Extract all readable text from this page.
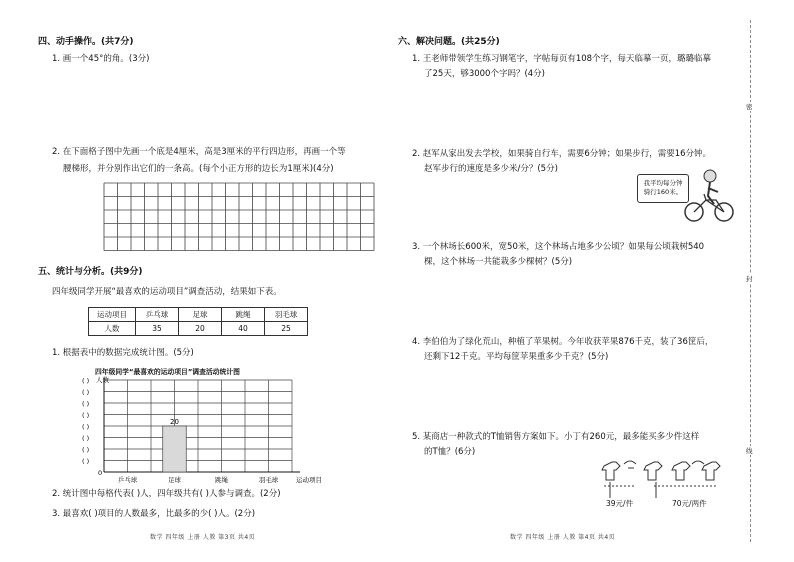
四、动手操作。(共7分)
1. 画一个45°的角。(3分)
2. 在下面格子图中先画一个底是4厘米，高是3厘米的平行四边形，再画一个等
腰梯形，并分别作出它们的一条高。(每个小正方形的边长为1厘米)(4分)
五、统计与分析。(共9分)
四年级同学开展“最喜欢的运动项目”调查活动，结果如下表。
运动项目	乒乓球	足球	跳绳	羽毛球
人数	35	20	40	25
1. 根据表中的数据完成统计图。(5分)
四年级同学“最喜欢的运动项目”调查活动统计图
人数
( )
( )
( )
( )
( )
( )
( )
( )
0
乒乓球	足球
20
跳绳	羽毛球	运动项目
2. 统计图中每格代表( )人，四年级共有( )人参与调查。(2分)
3. 最喜欢( )项目的人数最多，比最多的少( )人。(2分)
数学 四年级 上册 人教 第3页 共4页
六、解决问题。(共25分)
1. 王老师带领学生练习钢笔字，字帖每页有108个字，每天临摹一页，璐璐临摹
了25天，够3000个字吗？(4分)
2. 赵军从家出发去学校，如果骑自行车，需要6分钟；如果步行，需要16分钟。
赵军步行的速度是多少米/分？(5分)
我平均每分钟
骑行160米。
3. 一个林场长600米，宽50米，这个林场占地多少公顷？如果每公顷栽树540
棵，这个林场一共能栽多少棵树？(5分)
4. 李伯伯为了绿化荒山，种植了苹果树。今年收获苹果876千克，装了36筐后，
还剩下12千克。平均每筐苹果重多少千克？(5分)
5. 某商店一种款式的T恤销售方案如下。小丁有260元，最多能买多少件这样
的T恤？(6分)
39元/件	70元/两件
数学 四年级 上册 人教 第4页 共4页
密
封
线
